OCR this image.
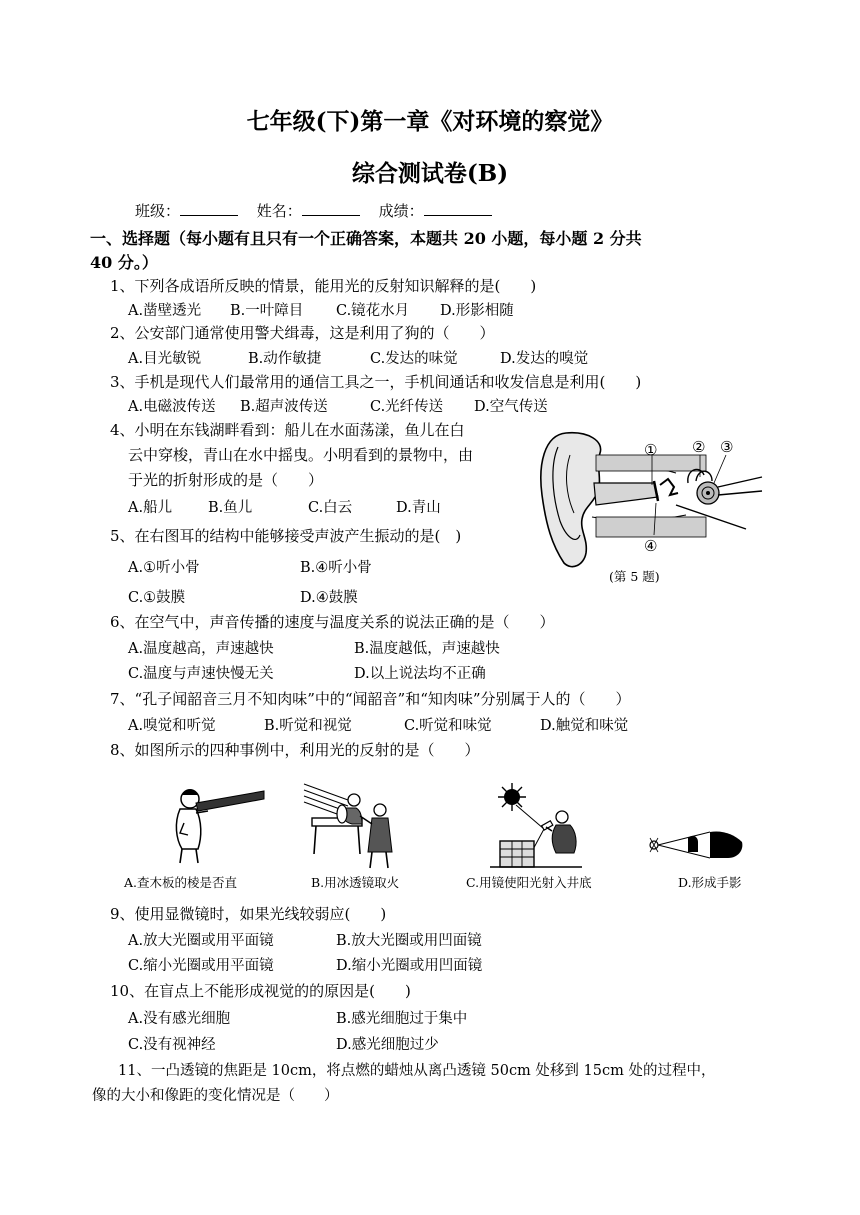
七年级(下)第一章《对环境的察觉》
综合测试卷(B)
班级：	姓名：	成绩：
一、选择题（每小题有且只有一个正确答案，本题共 20 小题，每小题 2 分共
40 分。）
1、下列各成语所反映的情景，能用光的反射知识解释的是(　　)
A.凿壁透光 B.一叶障目 C.镜花水月 D.形影相随
2、公安部门通常使用警犬缉毒，这是利用了狗的（　　）
A.目光敏锐	B.动作敏捷	C.发达的味觉	D.发达的嗅觉
3、手机是现代人们最常用的通信工具之一，手机间通话和收发信息是利用(　　)
A.电磁波传送 B.超声波传送	C.光纤传送 D.空气传送
4、小明在东钱湖畔看到：船儿在水面荡漾，鱼儿在白
云中穿梭，青山在水中摇曳。小明看到的景物中，由
于光的折射形成的是（　　）
A.船儿 B.鱼儿	C.白云	D.青山
① ② ③
④
(第 5 题)
5、在右图耳的结构中能够接受声波产生振动的是(　)
A.①听小骨	B.④听小骨
C.①鼓膜	D.④鼓膜
6、在空气中，声音传播的速度与温度关系的说法正确的是（　　）
A.温度越高，声速越快	B.温度越低，声速越快
C.温度与声速快慢无关	D.以上说法均不正确
7、“孔子闻韶音三月不知肉味”中的“闻韶音”和“知肉味”分别属于人的（　　）
A.嗅觉和听觉	B.听觉和视觉	C.听觉和味觉	D.触觉和味觉
8、如图所示的四种事例中，利用光的反射的是（　　）
A.查木板的棱是否直	B.用冰透镜取火	C.用镜使阳光射入井底	D.形成手影
9、使用显微镜时，如果光线较弱应(　　)
A.放大光圈或用平面镜	B.放大光圈或用凹面镜
C.缩小光圈或用平面镜	D.缩小光圈或用凹面镜
10、在盲点上不能形成视觉的的原因是(　　)
A.没有感光细胞	B.感光细胞过于集中
C.没有视神经	D.感光细胞过少
11、一凸透镜的焦距是 10cm，将点燃的蜡烛从离凸透镜 50cm 处移到 15cm 处的过程中，
像的大小和像距的变化情况是（　　）
